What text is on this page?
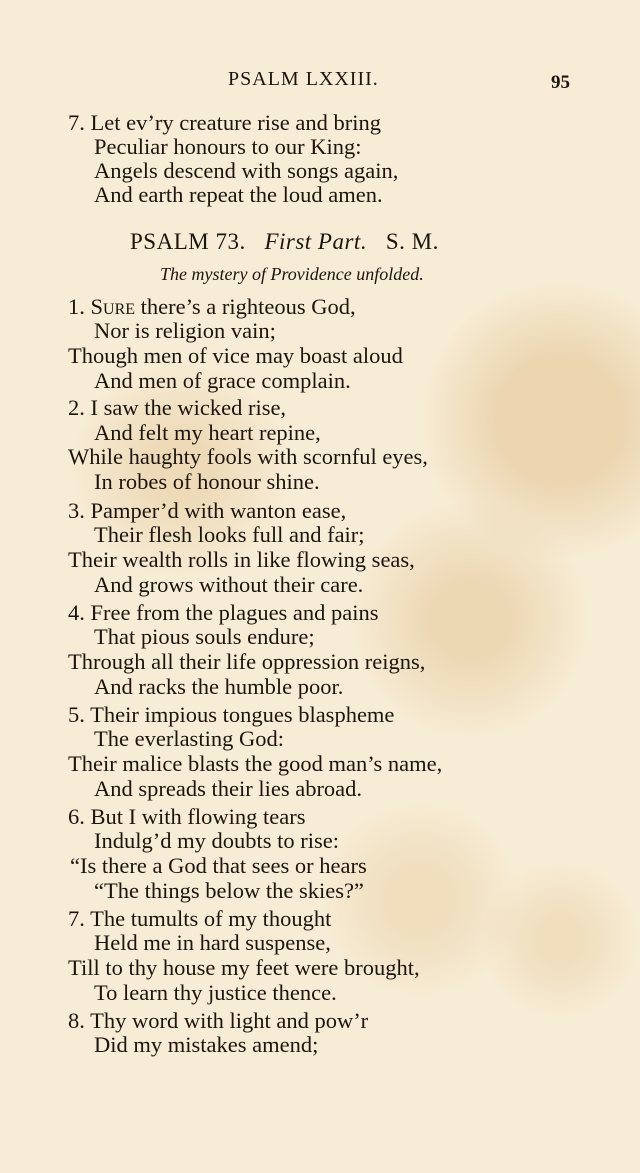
PSALM LXXIII.	95
7. Let ev’ry creature rise and bring
Peculiar honours to our King:
Angels descend with songs again,
And earth repeat the loud amen.
PSALM 73. First Part. S. M.
The mystery of Providence unfolded.
1. Sure there’s a righteous God,
Nor is religion vain;
Though men of vice may boast aloud
And men of grace complain.
2. I saw the wicked rise,
And felt my heart repine,
While haughty fools with scornful eyes,
In robes of honour shine.
3. Pamper’d with wanton ease,
Their flesh looks full and fair;
Their wealth rolls in like flowing seas,
And grows without their care.
4. Free from the plagues and pains
That pious souls endure;
Through all their life oppression reigns,
And racks the humble poor.
5. Their impious tongues blaspheme
The everlasting God:
Their malice blasts the good man’s name,
And spreads their lies abroad.
6. But I with flowing tears
Indulg’d my doubts to rise:
“Is there a God that sees or hears
“The things below the skies?”
7. The tumults of my thought
Held me in hard suspense,
Till to thy house my feet were brought,
To learn thy justice thence.
8. Thy word with light and pow’r
Did my mistakes amend;
